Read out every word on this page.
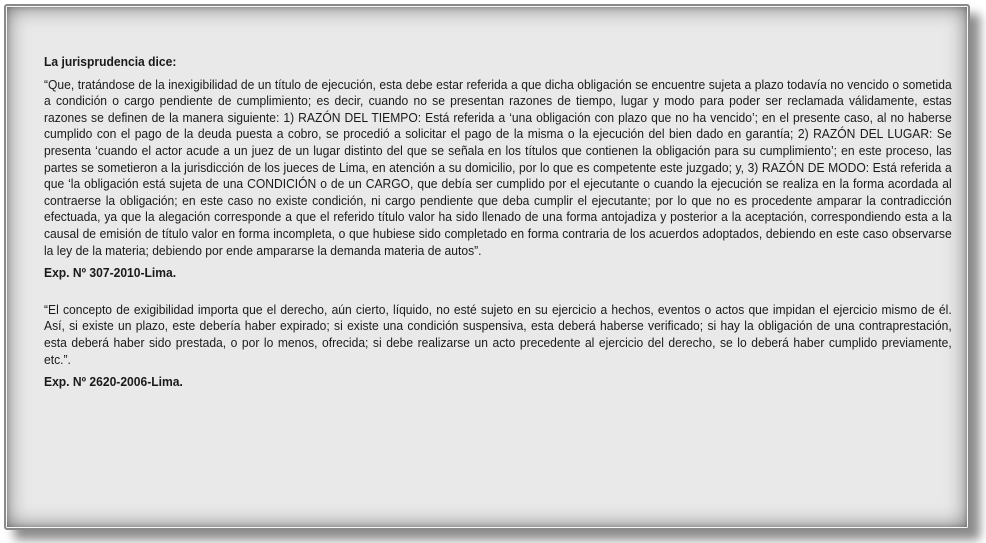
La jurisprudencia dice:

“Que, tratándose de la inexigibilidad de un título de ejecución, esta debe estar referida a que dicha obligación se encuentre sujeta a plazo todavía no vencido o sometida a condición o cargo pendiente de cumplimiento; es decir, cuando no se presentan razones de tiempo, lugar y modo para poder ser reclamada válidamente, estas razones se definen de la manera siguiente: 1) RAZÓN DEL TIEMPO: Está referida a ‘una obligación con plazo que no ha vencido’; en el presente caso, al no haberse cumplido con el pago de la deuda puesta a cobro, se procedió a solicitar el pago de la misma o la ejecución del bien dado en garantía; 2) RAZÓN DEL LUGAR: Se presenta ‘cuando el actor acude a un juez de un lugar distinto del que se señala en los títulos que contienen la obligación para su cumplimiento’; en este proceso, las partes se sometieron a la jurisdicción de los jueces de Lima, en atención a su domicilio, por lo que es competente este juzgado; y, 3) RAZÓN DE MODO: Está referida a que ‘la obligación está sujeta de una CONDICIÓN o de un CARGO, que debía ser cumplido por el ejecutante o cuando la ejecución se realiza en la forma acordada al contraerse la obligación; en este caso no existe condición, ni cargo pendiente que deba cumplir el ejecutante; por lo que no es procedente amparar la contradicción efectuada, ya que la alegación corresponde a que el referido título valor ha sido llenado de una forma antojadiza y posterior a la aceptación, correspondiendo esta a la causal de emisión de título valor en forma incompleta, o que hubiese sido completado en forma contraria de los acuerdos adoptados, debiendo en este caso observarse la ley de la materia; debiendo por ende ampararse la demanda materia de autos”.

Exp. Nº 307-2010-Lima.

“El concepto de exigibilidad importa que el derecho, aún cierto, líquido, no esté sujeto en su ejercicio a hechos, eventos o actos que impidan el ejercicio mismo de él. Así, si existe un plazo, este debería haber expirado; si existe una condición suspensiva, esta deberá haberse verificado; si hay la obligación de una contraprestación, esta deberá haber sido prestada, o por lo menos, ofrecida; si debe realizarse un acto precedente al ejercicio del derecho, se lo deberá haber cumplido previamente, etc.”.

Exp. Nº 2620-2006-Lima.
